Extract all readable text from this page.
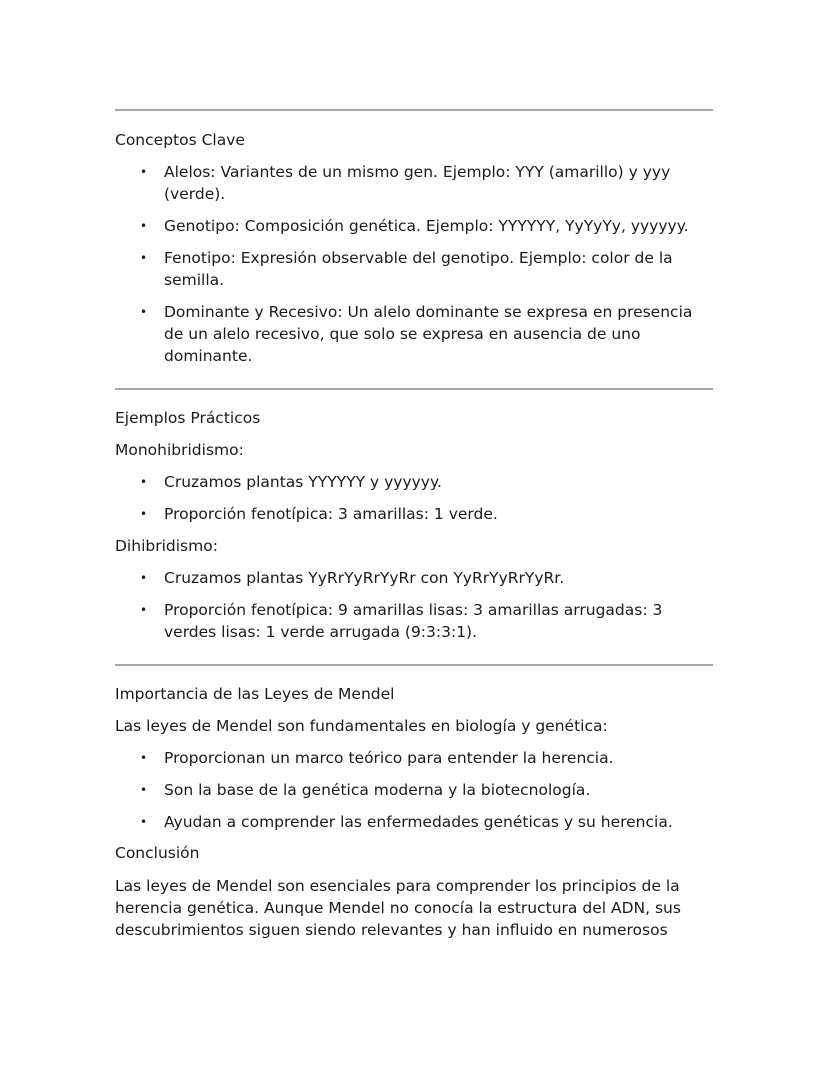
Conceptos Clave

• Alelos: Variantes de un mismo gen. Ejemplo: YYY (amarillo) y yyy (verde).
• Genotipo: Composición genética. Ejemplo: YYYYYY, YyYyYy, yyyyyy.
• Fenotipo: Expresión observable del genotipo. Ejemplo: color de la semilla.
• Dominante y Recesivo: Un alelo dominante se expresa en presencia de un alelo recesivo, que solo se expresa en ausencia de uno dominante.

Ejemplos Prácticos

Monohibridismo:

• Cruzamos plantas YYYYYY y yyyyyy.
• Proporción fenotípica: 3 amarillas: 1 verde.

Dihibridismo:

• Cruzamos plantas YyRrYyRrYyRr con YyRrYyRrYyRr.
• Proporción fenotípica: 9 amarillas lisas: 3 amarillas arrugadas: 3 verdes lisas: 1 verde arrugada (9:3:3:1).

Importancia de las Leyes de Mendel

Las leyes de Mendel son fundamentales en biología y genética:

• Proporcionan un marco teórico para entender la herencia.
• Son la base de la genética moderna y la biotecnología.
• Ayudan a comprender las enfermedades genéticas y su herencia.

Conclusión

Las leyes de Mendel son esenciales para comprender los principios de la
herencia genética. Aunque Mendel no conocía la estructura del ADN, sus
descubrimientos siguen siendo relevantes y han influido en numerosos
